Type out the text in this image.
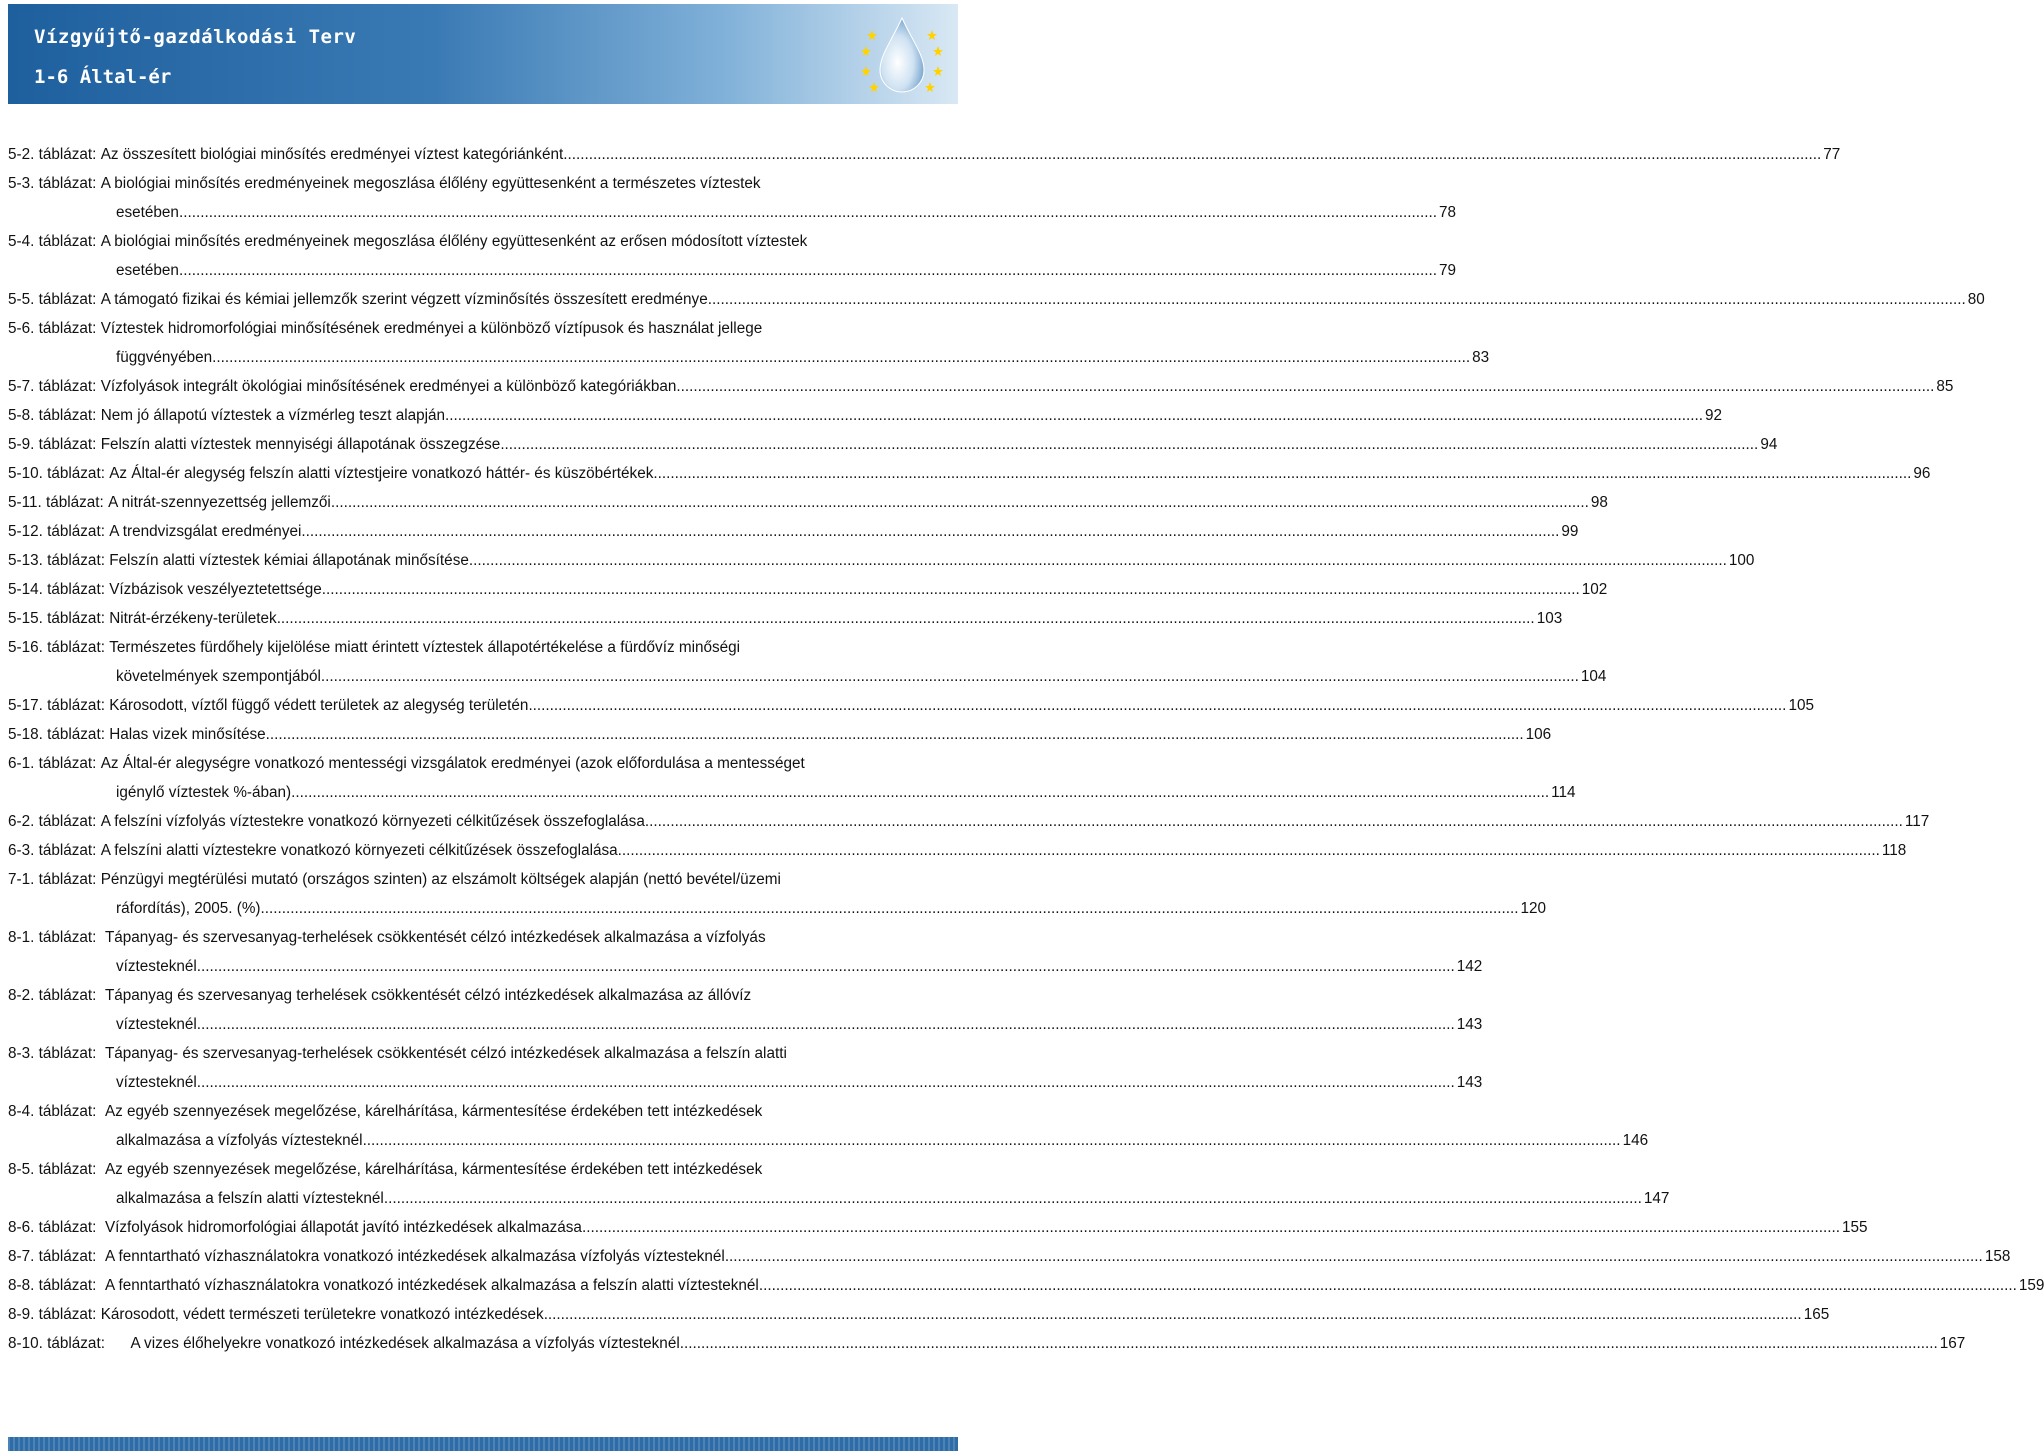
Vízgyűjtő-gazdálkodási Terv
1-6 Által-ér
5-2. táblázat: Az összesített biológiai minősítés eredményei víztest kategóriánként .....	77
5-3. táblázat: A biológiai minősítés eredményeinek megoszlása élőlény együttesenként a természetes víztestek
esetében .....	78
5-4. táblázat: A biológiai minősítés eredményeinek megoszlása élőlény együttesenként az erősen módosított víztestek
esetében .....	79
5-5. táblázat: A támogató fizikai és kémiai jellemzők szerint végzett vízminősítés összesített eredménye .....	80
5-6. táblázat: Víztestek hidromorfológiai minősítésének eredményei a különböző víztípusok és használat jellege
függvényében .....	83
5-7. táblázat: Vízfolyások integrált ökológiai minősítésének eredményei a különböző kategóriákban .....	85
5-8. táblázat: Nem jó állapotú víztestek a vízmérleg teszt alapján .....	92
5-9. táblázat: Felszín alatti víztestek mennyiségi állapotának összegzése .....	94
5-10. táblázat: Az Által-ér alegység felszín alatti víztestjeire vonatkozó háttér- és küszöbértékek .....	96
5-11. táblázat: A nitrát-szennyezettség jellemzői .....	98
5-12. táblázat: A trendvizsgálat eredményei .....	99
5-13. táblázat: Felszín alatti víztestek kémiai állapotának minősítése .....	100
5-14. táblázat: Vízbázisok veszélyeztetettsége .....	102
5-15. táblázat: Nitrát-érzékeny-területek .....	103
5-16. táblázat: Természetes fürdőhely kijelölése miatt érintett víztestek állapotértékelése a fürdővíz minőségi
követelmények szempontjából .....	104
5-17. táblázat: Károsodott, víztől függő védett területek az alegység területén .....	105
5-18. táblázat: Halas vizek minősítése .....	106
6-1. táblázat: Az Által-ér alegységre vonatkozó mentességi vizsgálatok eredményei (azok előfordulása a mentességet
igénylő víztestek %-ában) .....	114
6-2. táblázat: A felszíni vízfolyás víztestekre vonatkozó környezeti célkitűzések összefoglalása .....	117
6-3. táblázat: A felszíni alatti víztestekre vonatkozó környezeti célkitűzések összefoglalása. .....	118
7-1. táblázat: Pénzügyi megtérülési mutató (országos szinten) az elszámolt költségek alapján (nettó bevétel/üzemi
ráfordítás), 2005. (%) .....	120
8-1. táblázat: Tápanyag- és szervesanyag-terhelések csökkentését célzó intézkedések alkalmazása a vízfolyás
víztesteknél .....	142
8-2. táblázat: Tápanyag és szervesanyag terhelések csökkentését célzó intézkedések alkalmazása az állóvíz
víztesteknél .....	143
8-3. táblázat: Tápanyag- és szervesanyag-terhelések csökkentését célzó intézkedések alkalmazása a felszín alatti
víztesteknél .....	143
8-4. táblázat: Az egyéb szennyezések megelőzése, kárelhárítása, kármentesítése érdekében tett intézkedések
alkalmazása a vízfolyás víztesteknél .....	146
8-5. táblázat: Az egyéb szennyezések megelőzése, kárelhárítása, kármentesítése érdekében tett intézkedések
alkalmazása a felszín alatti víztesteknél .....	147
8-6. táblázat: Vízfolyások hidromorfológiai állapotát javító intézkedések alkalmazása .....	155
8-7. táblázat: A fenntartható vízhasználatokra vonatkozó intézkedések alkalmazása vízfolyás víztesteknél .....	158
8-8. táblázat: A fenntartható vízhasználatokra vonatkozó intézkedések alkalmazása a felszín alatti víztesteknél .....	159
8-9. táblázat: Károsodott, védett természeti területekre vonatkozó intézkedések .....	165
8-10. táblázat: A vizes élőhelyekre vonatkozó intézkedések alkalmazása a vízfolyás víztesteknél .....	167
